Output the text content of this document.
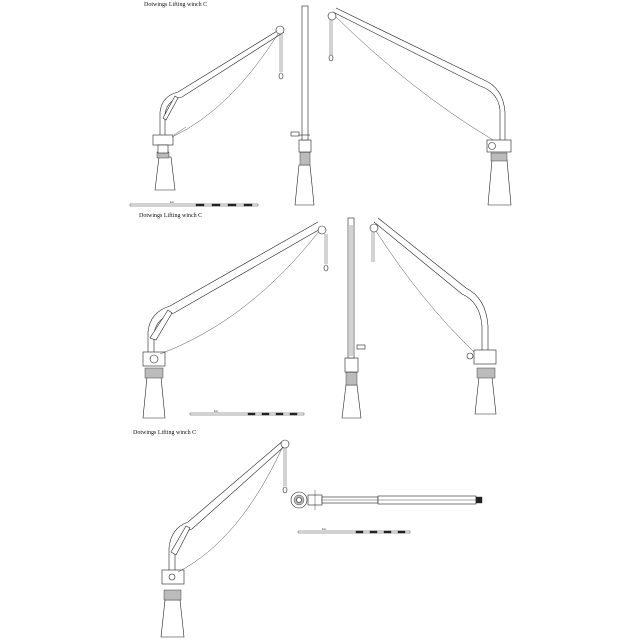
Dotwings Lifting winch C
Dotwings Lifting winch C
Dotwings Lifting winch C
1m
1m
1m
